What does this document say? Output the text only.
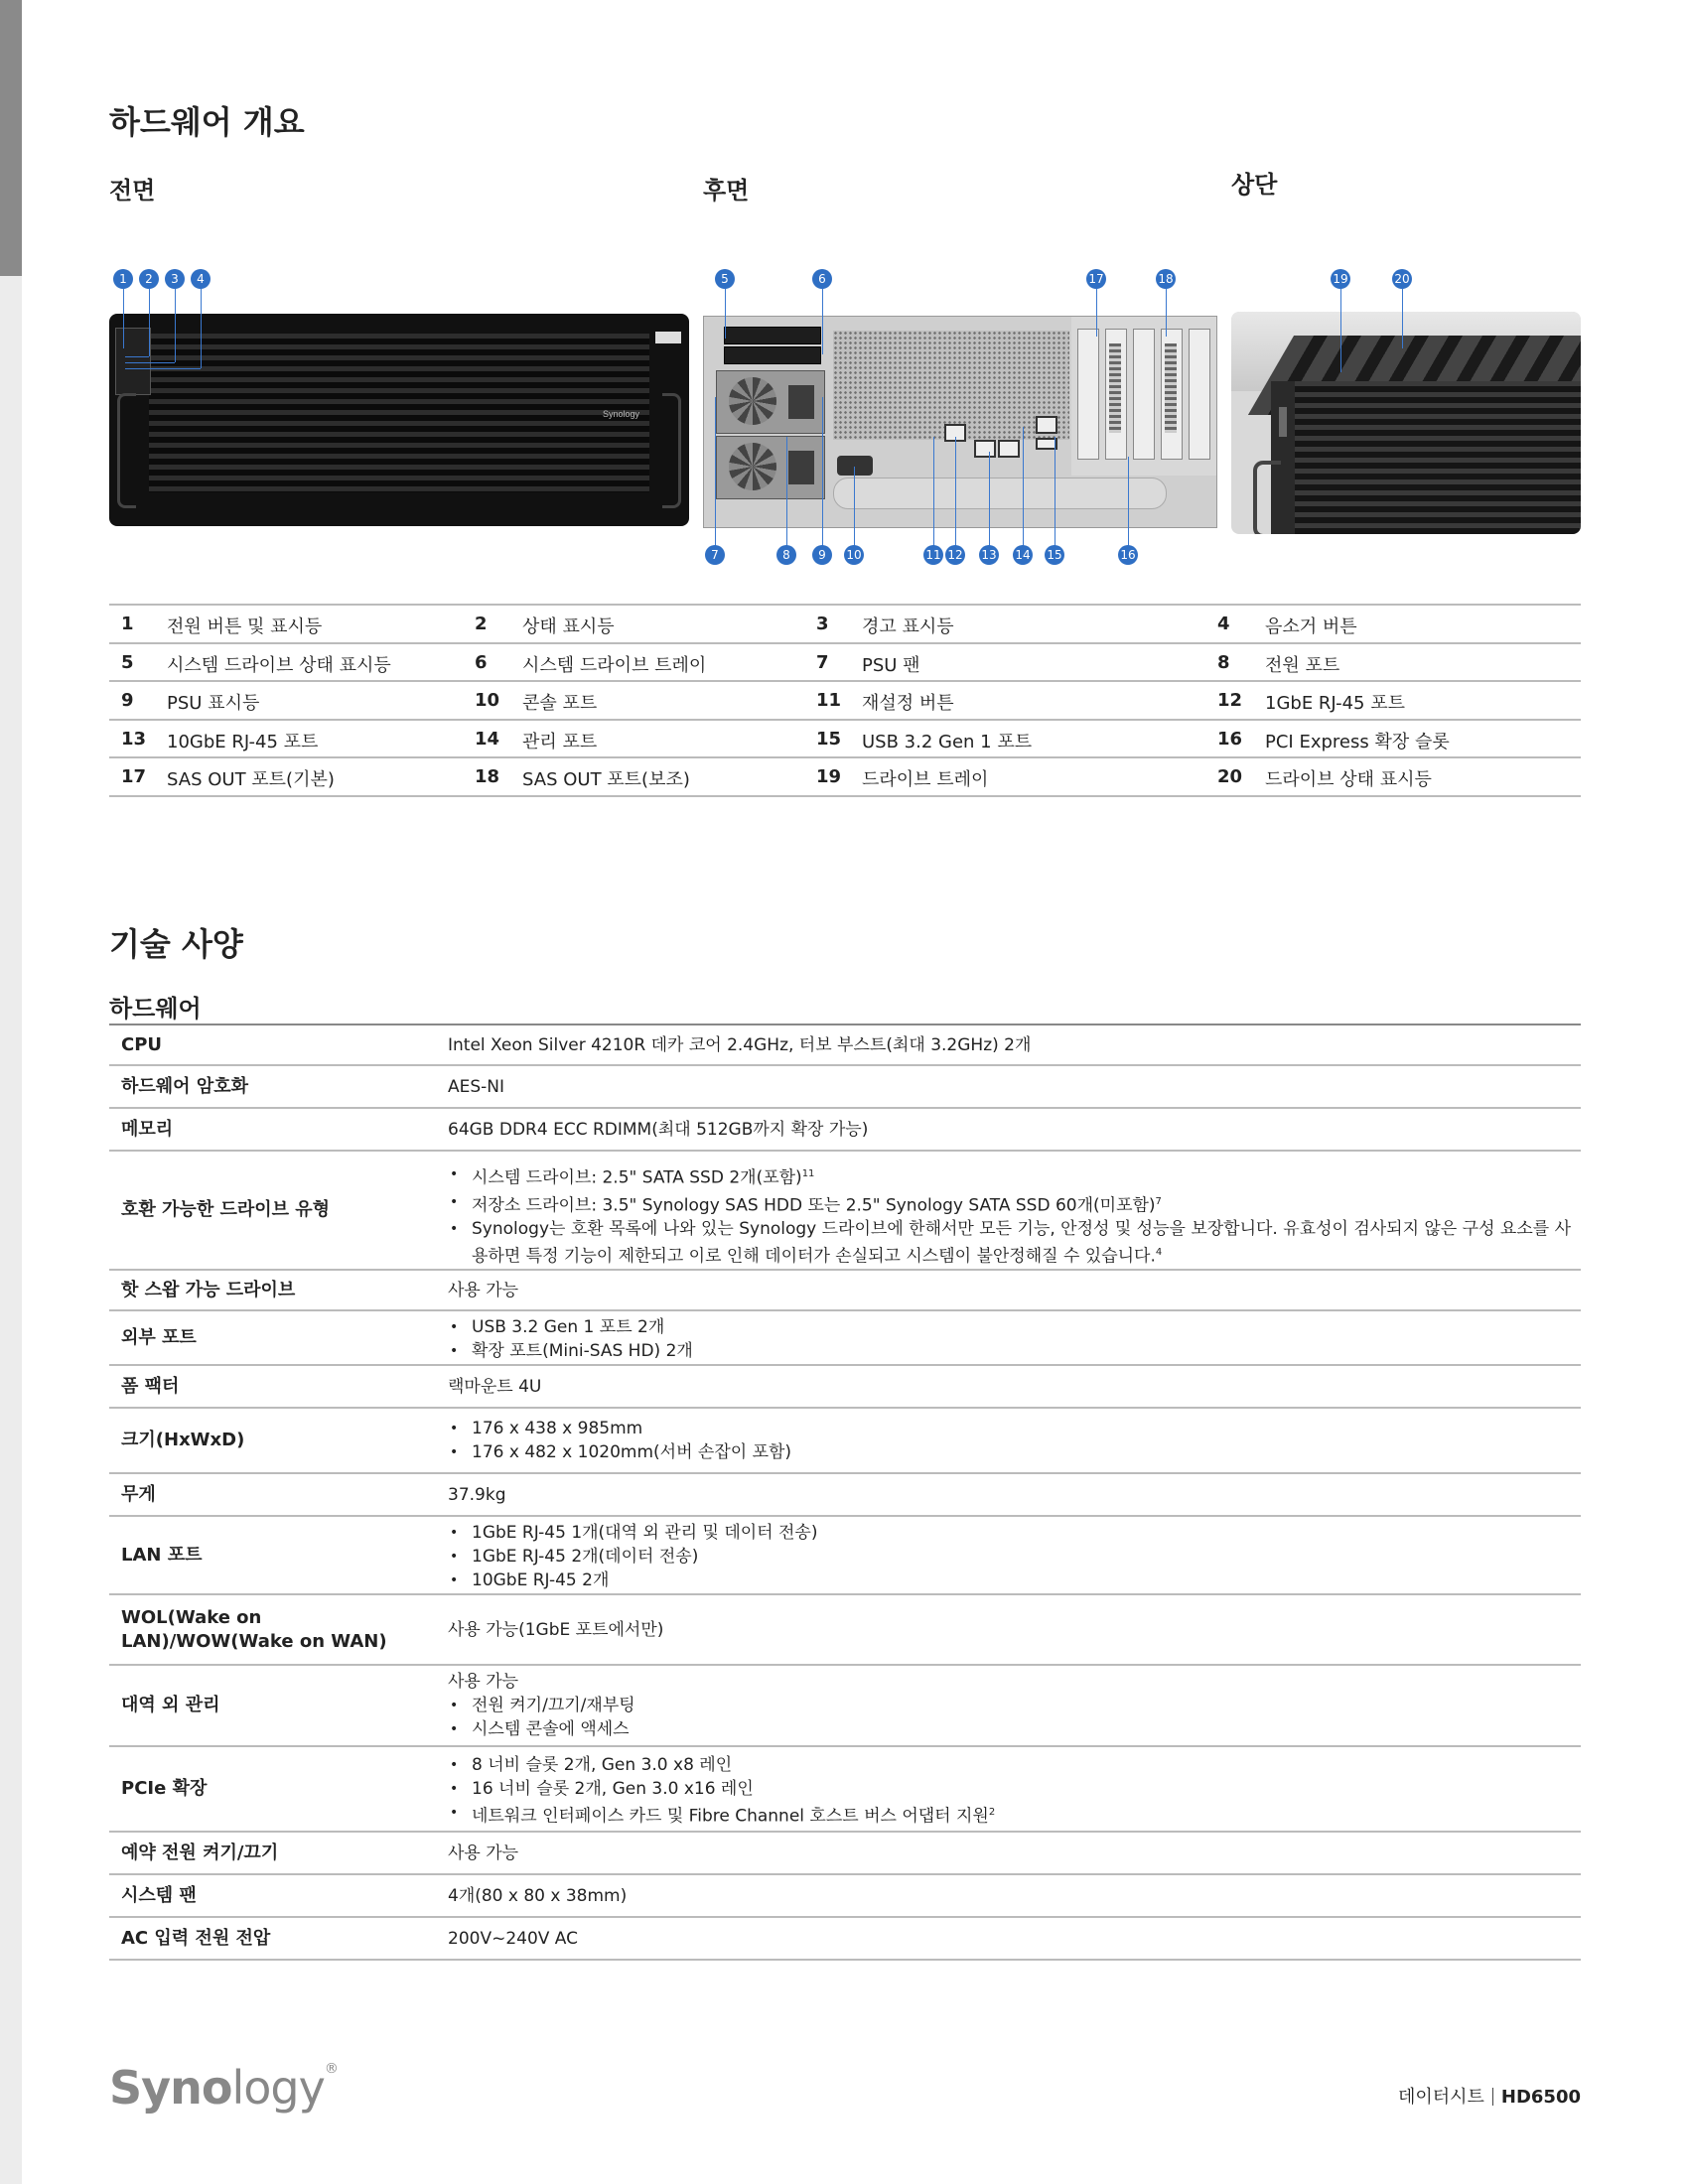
하드웨어 개요
전면	후면	상단
Synology
1	2	3	4	5	6
7	8	9	10	11 12 13 14 15	16
17	18	19	20
1 전원 버튼 및 표시등	2 상태 표시등	3 경고 표시등	4 음소거 버튼
5 시스템 드라이브 상태 표시등	6 시스템 드라이브 트레이	7 PSU 팬	8 전원 포트
9 PSU 표시등	10 콘솔 포트	11 재설정 버튼	12 1GbE RJ-45 포트
13 10GbE RJ-45 포트	14 관리 포트	15 USB 3.2 Gen 1 포트	16 PCI Express 확장 슬롯
17 SAS OUT 포트(기본)	18 SAS OUT 포트(보조)	19 드라이브 트레이	20 드라이브 상태 표시등
기술 사양
하드웨어
CPU	Intel Xeon Silver 4210R 데카 코어 2.4GHz, 터보 부스트(최대 3.2GHz) 2개
하드웨어 암호화	AES-NI
메모리	64GB DDR4 ECC RDIMM(최대 512GB까지 확장 가능)
호환 가능한 드라이브 유형
• 시스템 드라이브: 2.5" SATA SSD 2개(포함)$^{11}$
• 저장소 드라이브: 3.5" Synology SAS HDD 또는 2.5" Synology SATA SSD 60개(미포함)$^7$
• Synology는 호환 목록에 나와 있는 Synology 드라이브에 한해서만 모든 기능, 안정성 및 성능을 보장합니다. 유효성이 검사되지 않은 구성 요소를 사용하면 특정 기능이 제한되고 이로 인해 데이터가 손실되고 시스템이 불안정해질 수 있습니다.$^4$
핫 스왑 가능 드라이브	사용 가능
외부 포트
•	USB 3.2 Gen 1 포트 2개
• 확장 포트(Mini-SAS HD) 2개
폼 팩터	랙마운트 4U
크기(HxWxD)
• 176 x 438 x 985mm
• 176 x 482 x 1020mm(서버 손잡이 포함)
무게	37.9kg
LAN 포트
• 1GbE RJ-45 1개(대역 외 관리 및 데이터 전송)
• 1GbE RJ-45 2개(데이터 전송)
• 10GbE RJ-45 2개
WOL(Wake on LAN)/WOW(Wake on WAN)
사용 가능(1GbE 포트에서만)
대역 외 관리
사용 가능
• 전원 켜기/끄기/재부팅
• 시스템 콘솔에 액세스
PCIe 확장
• 8 너비 슬롯 2개, Gen 3.0 x8 레인
• 16 너비 슬롯 2개, Gen 3.0 x16 레인
• 네트워크 인터페이스 카드 및 Fibre Channel 호스트 버스 어댑터 지원$^2$
예약 전원 켜기/끄기	사용 가능
시스템 팬	4개(80 x 80 x 38mm)
AC 입력 전원 전압	200V~240V AC
Synology®
데이터시트 HD6500
